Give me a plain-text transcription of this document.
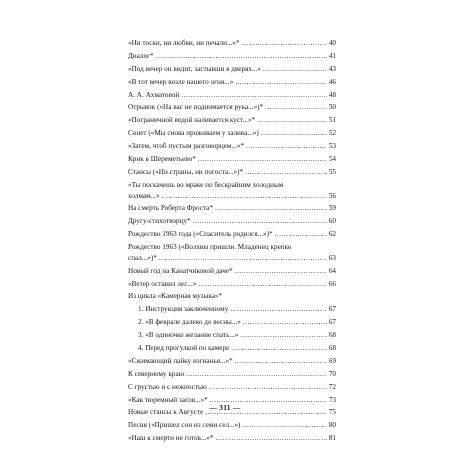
«Ни тоски, ни любви, ни печали...»* .....	40
Диалог* .....	41
«Под вечер он видит, застывши в дверях...» .....	43
«В тот вечер возле нашего огня...» .....	46
А. А. Ахматовой .....	48
Отрывок («На вас не поднимается рука...»)* .....	50
«Пограничной водой наливается куст...»* .....	51
Сонет («Мы снова проживаем у залива...») .....	52
«Затем, чтоб пустым разговорцем...»* .....	53
Крик в Шереметьево* .....	54
Стансы («Ни страны, ни погоста...»)* .....	55
«Ты поскачешь во мраке по бескрайним холодным
холмам...» .....	56
На смерть Роберта Фроста* .....	59
Другу-стихотворцу* .....	60
Рождество 1963 года («Спаситель родился...»)* .....	62
Рождество 1963 («Волхвы пришли. Младенец крепко
спал...»)* .....	63
Новый год на Канатчиковой даче* .....	64
«Ветер оставил лес...» .....	66
Из цикла «Камерная музыка»*
1. Инструкция заключенному .....	67
2. «В феврале далеко до весны...» .....	67
3. «В одиночке желание спать...» .....	68
4. Перед прогулкой по камере .....	68
«Сжимающий пайку изгнанья...»* .....	69
К северному краю .....	70
С грустью и с нежностью .....	72
«Как тюремный засов...»* .....	73
Новые стансы к Августе .....	75
Песня («Пришел сон из семи сел...») .....	80
«Наш к смерти не готов...»* .....	81
— 311 —
